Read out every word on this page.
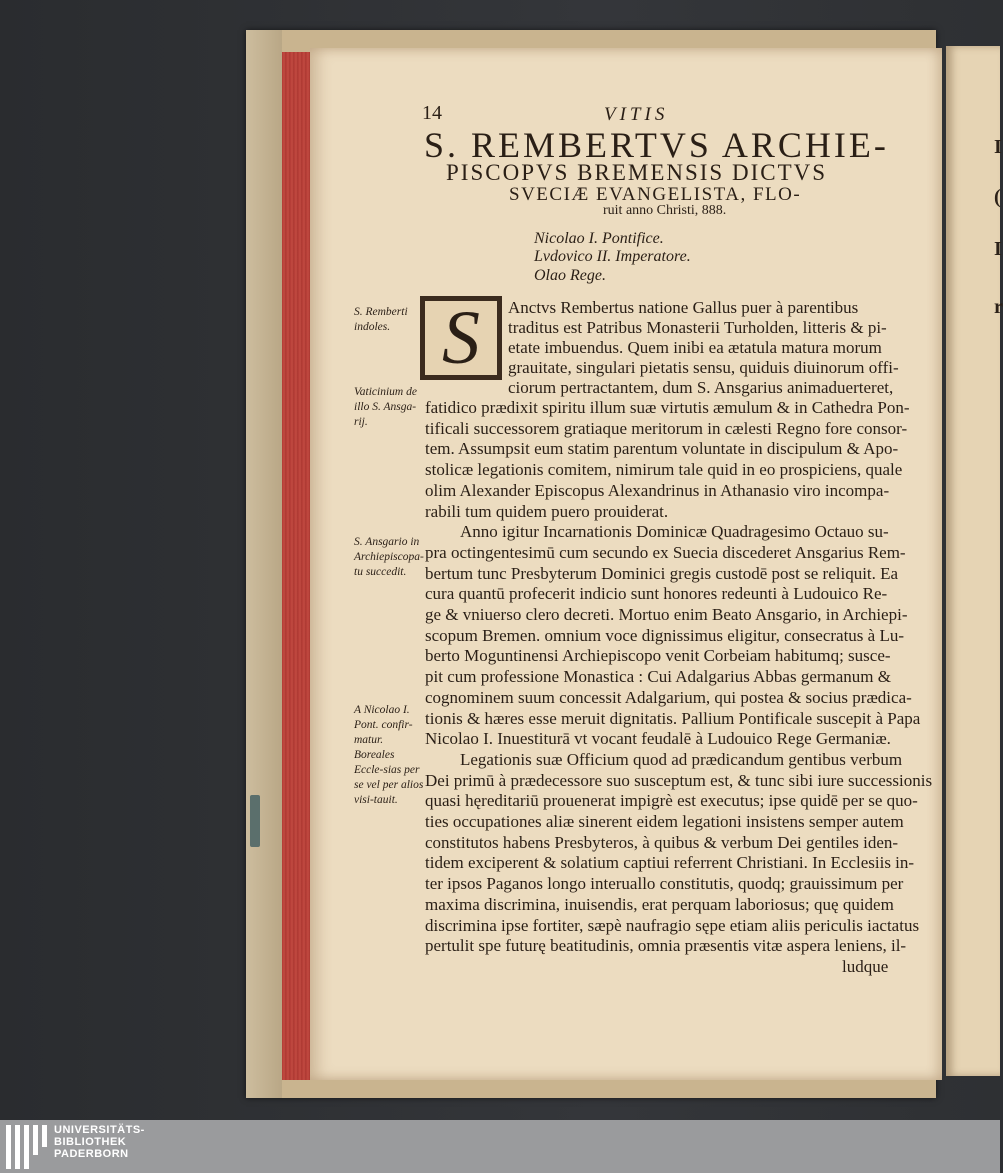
I
(
I
r
14	VITIS
S. REMBERTVS ARCHIE-
PISCOPVS BREMENSIS DICTVS
SVECIÆ EVANGELISTA, FLO-
ruit anno Christi, 888.
Nicolao I. Pontifice.
Lvdovico II. Imperatore.
Olao Rege.
S. Remberti indoles.
Vaticinium de illo S. Ansga-rij.
S. Ansgario in Archiepiscopa-tu succedit.
A Nicolao I. Pont. confir-matur. Boreales Eccle-sias per se vel per alios visi-tauit.
S	Anctvs Rembertus natione Gallus puer à parentibus
traditus est Patribus Monasterii Turholden, litteris & pi-
etate imbuendus. Quem inibi ea ætatula matura morum
grauitate, singulari pietatis sensu, quiduis diuinorum offi-
ciorum pertractantem, dum S. Ansgarius animaduerteret,
fatidico prædixit spiritu illum suæ virtutis æmulum & in Cathedra Pon-
tificali successorem gratiaque meritorum in cælesti Regno fore consor-
tem. Assumpsit eum statim parentum voluntate in discipulum & Apo-
stolicæ legationis comitem, nimirum tale quid in eo prospiciens, quale
olim Alexander Episcopus Alexandrinus in Athanasio viro incompa-
rabili tum quidem puero prouiderat.
Anno igitur Incarnationis Dominicæ Quadragesimo Octauo su-
pra octingentesimū cum secundo ex Suecia discederet Ansgarius Rem-
bertum tunc Presbyterum Dominici gregis custodē post se reliquit. Ea
cura quantū profecerit indicio sunt honores redeunti à Ludouico Re-
ge & vniuerso clero decreti. Mortuo enim Beato Ansgario, in Archiepi-
scopum Bremen. omnium voce dignissimus eligitur, consecratus à Lu-
berto Moguntinensi Archiepiscopo venit Corbeiam habitumq; susce-
pit cum professione Monastica : Cui Adalgarius Abbas germanum &
cognominem suum concessit Adalgarium, qui postea & socius prædica-
tionis & hæres esse meruit dignitatis. Pallium Pontificale suscepit à Papa
Nicolao I. Inuestiturā vt vocant feudalē à Ludouico Rege Germaniæ.
Legationis suæ Officium quod ad prædicandum gentibus verbum
Dei primū à prædecessore suo susceptum est, & tunc sibi iure successionis
quasi hęreditariū prouenerat impigrè est executus; ipse quidē per se quo-
ties occupationes aliæ sinerent eidem legationi insistens semper autem
constitutos habens Presbyteros, à quibus & verbum Dei gentiles iden-
tidem exciperent & solatium captiui referrent Christiani. In Ecclesiis in-
ter ipsos Paganos longo interuallo constitutis, quodq; grauissimum per
maxima discrimina, inuisendis, erat perquam laboriosus; quę quidem
discrimina ipse fortiter, sæpè naufragio sępe etiam aliis periculis iactatus
pertulit spe futurę beatitudinis, omnia præsentis vitæ aspera leniens, il-
ludque
UNIVERSITÄTS-
BIBLIOTHEK
PADERBORN
